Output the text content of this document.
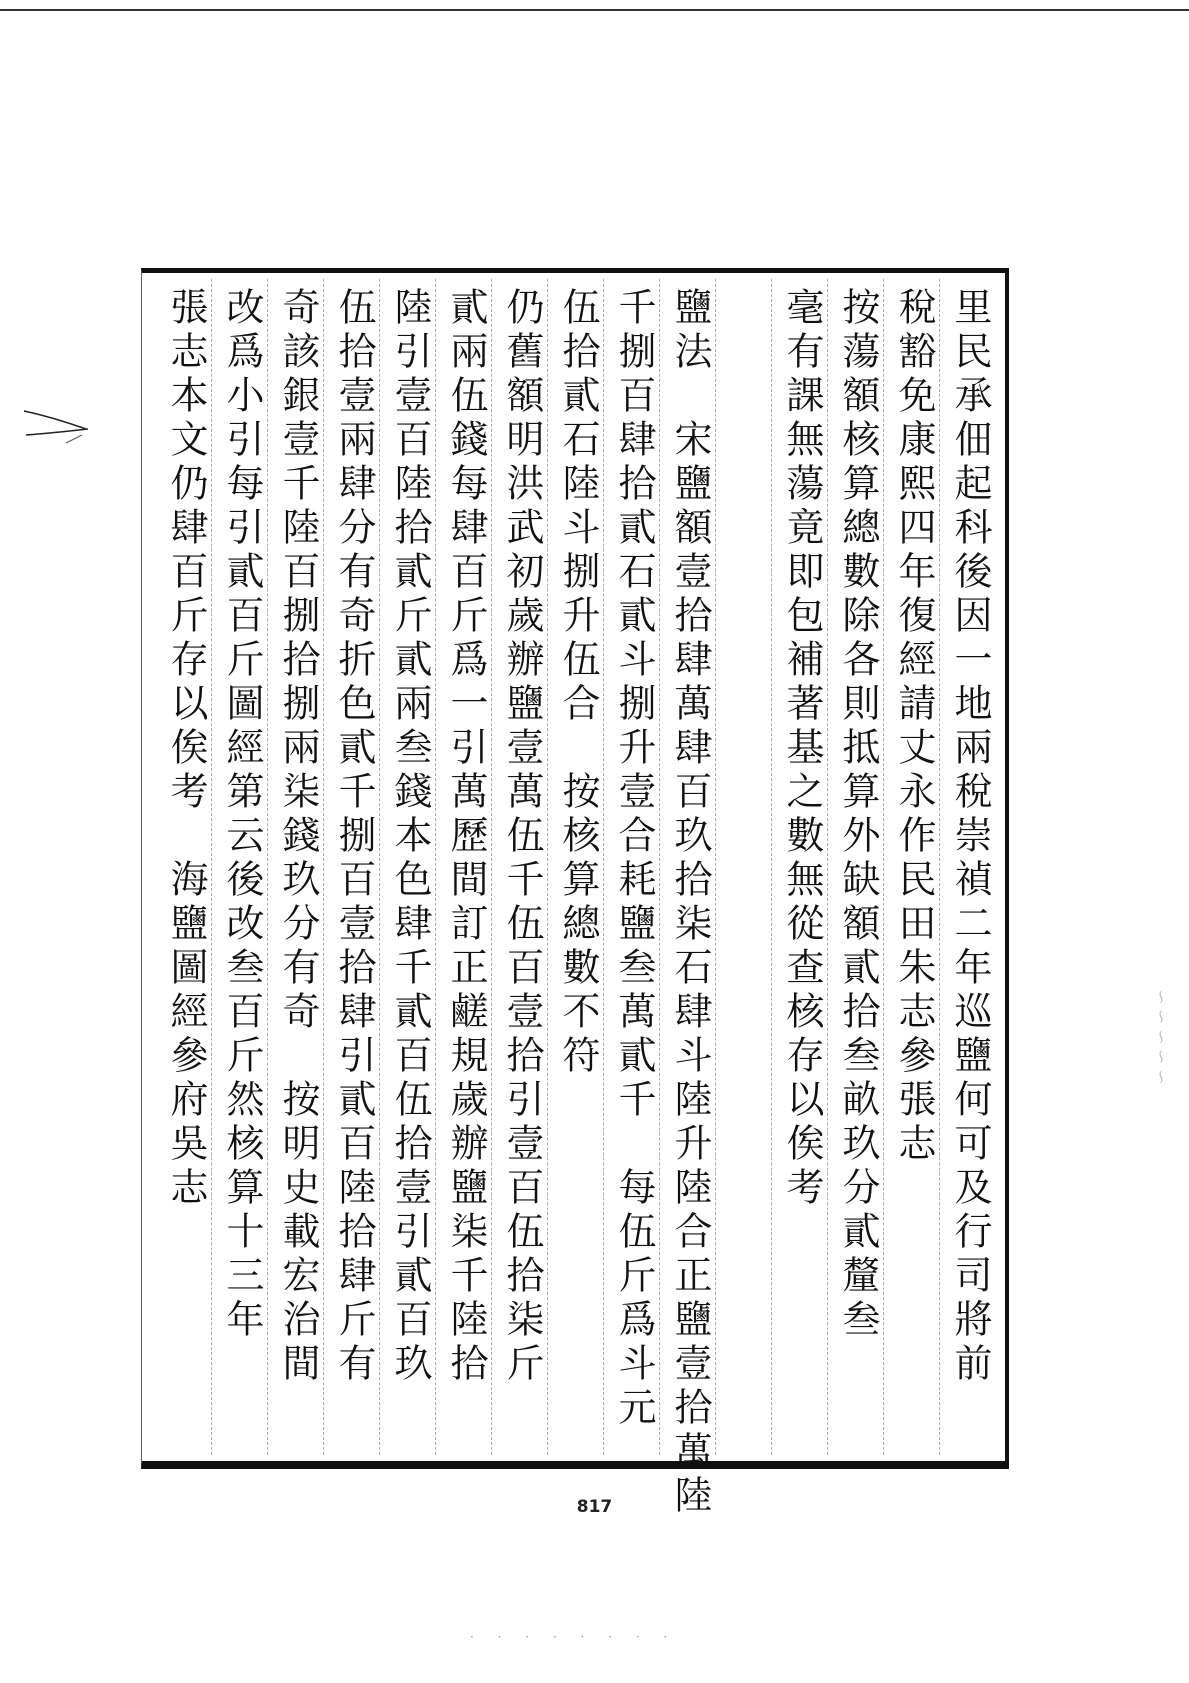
里民承佃起科後因一地兩稅崇禎二年巡鹽何可及行司將前
稅豁免康熙四年復經請丈永作民田朱志參張志
按蕩額核算總數除各則抵算外缺額貳拾叁畝玖分貳釐叁
毫有課無蕩竟即包補著基之數無從查核存以俟考
鹽法　宋鹽額壹拾肆萬肆百玖拾柒石肆斗陸升陸合正鹽壹拾萬陸
千捌百肆拾貳石貳斗捌升壹合耗鹽叁萬貳千　每伍斤爲斗元
伍拾貳石陸斗捌升伍合　按核算總數不符
仍舊額明洪武初歲辦鹽壹萬伍千伍百壹拾引壹百伍拾柒斤
貳兩伍錢每肆百斤爲一引萬歷間訂正鹺規歲辦鹽柒千陸拾
陸引壹百陸拾貳斤貳兩叁錢本色肆千貳百伍拾壹引貳百玖
伍拾壹兩肆分有奇折色貳千捌百壹拾肆引貳百陸拾肆斤有
奇該銀壹千陸百捌拾捌兩柒錢玖分有奇　按明史載宏治間
改爲小引每引貳百斤圖經第云後改叁百斤然核算十三年
張志本文仍肆百斤存以俟考　海鹽圖經參府吳志	〜〜〜〜〜
817
· · · · · · · ·
